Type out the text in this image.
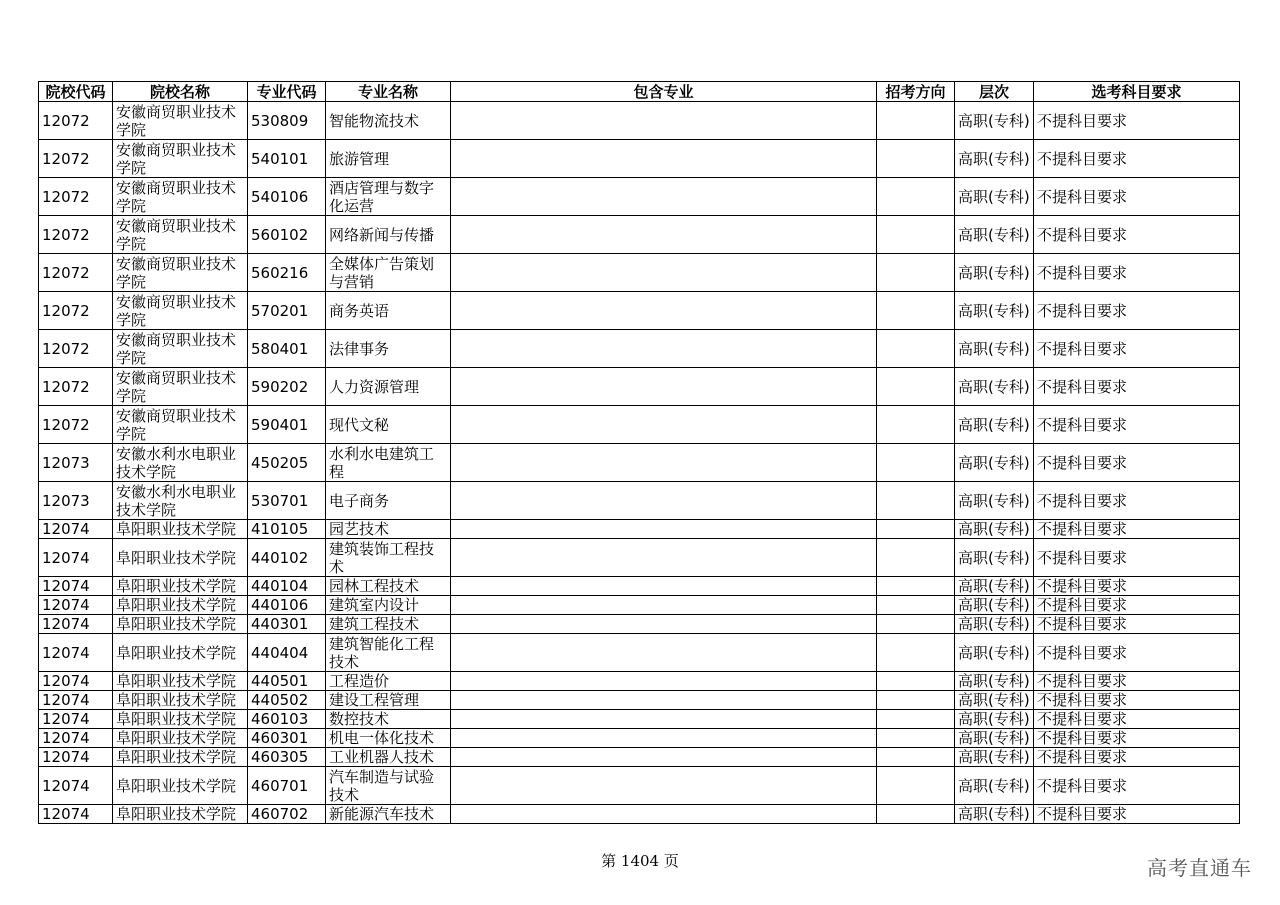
院校代码	院校名称	专业代码	专业名称	包含专业	招考方向	层次	选考科目要求

12072	安徽商贸职业技术学院	530809	智能物流技术			高职(专科)	不提科目要求

12072	安徽商贸职业技术学院	540101	旅游管理			高职(专科)	不提科目要求

12072	安徽商贸职业技术学院	540106	酒店管理与数字化运营			高职(专科)	不提科目要求

12072	安徽商贸职业技术学院	560102	网络新闻与传播			高职(专科)	不提科目要求

12072	安徽商贸职业技术学院	560216	全媒体广告策划与营销			高职(专科)	不提科目要求

12072	安徽商贸职业技术学院	570201	商务英语			高职(专科)	不提科目要求

12072	安徽商贸职业技术学院	580401	法律事务			高职(专科)	不提科目要求

12072	安徽商贸职业技术学院	590202	人力资源管理			高职(专科)	不提科目要求

12072	安徽商贸职业技术学院	590401	现代文秘			高职(专科)	不提科目要求

12073	安徽水利水电职业技术学院	450205	水利水电建筑工程			高职(专科)	不提科目要求

12073	安徽水利水电职业技术学院	530701	电子商务			高职(专科)	不提科目要求

12074	阜阳职业技术学院	410105	园艺技术			高职(专科)	不提科目要求

12074	阜阳职业技术学院	440102	建筑装饰工程技术			高职(专科)	不提科目要求

12074	阜阳职业技术学院	440104	园林工程技术			高职(专科)	不提科目要求

12074	阜阳职业技术学院	440106	建筑室内设计			高职(专科)	不提科目要求

12074	阜阳职业技术学院	440301	建筑工程技术			高职(专科)	不提科目要求

12074	阜阳职业技术学院	440404	建筑智能化工程技术			高职(专科)	不提科目要求

12074	阜阳职业技术学院	440501	工程造价			高职(专科)	不提科目要求

12074	阜阳职业技术学院	440502	建设工程管理			高职(专科)	不提科目要求

12074	阜阳职业技术学院	460103	数控技术			高职(专科)	不提科目要求

12074	阜阳职业技术学院	460301	机电一体化技术			高职(专科)	不提科目要求

12074	阜阳职业技术学院	460305	工业机器人技术			高职(专科)	不提科目要求

12074	阜阳职业技术学院	460701	汽车制造与试验技术			高职(专科)	不提科目要求

12074	阜阳职业技术学院	460702	新能源汽车技术			高职(专科)	不提科目要求
第 1404 页	高考直通车
